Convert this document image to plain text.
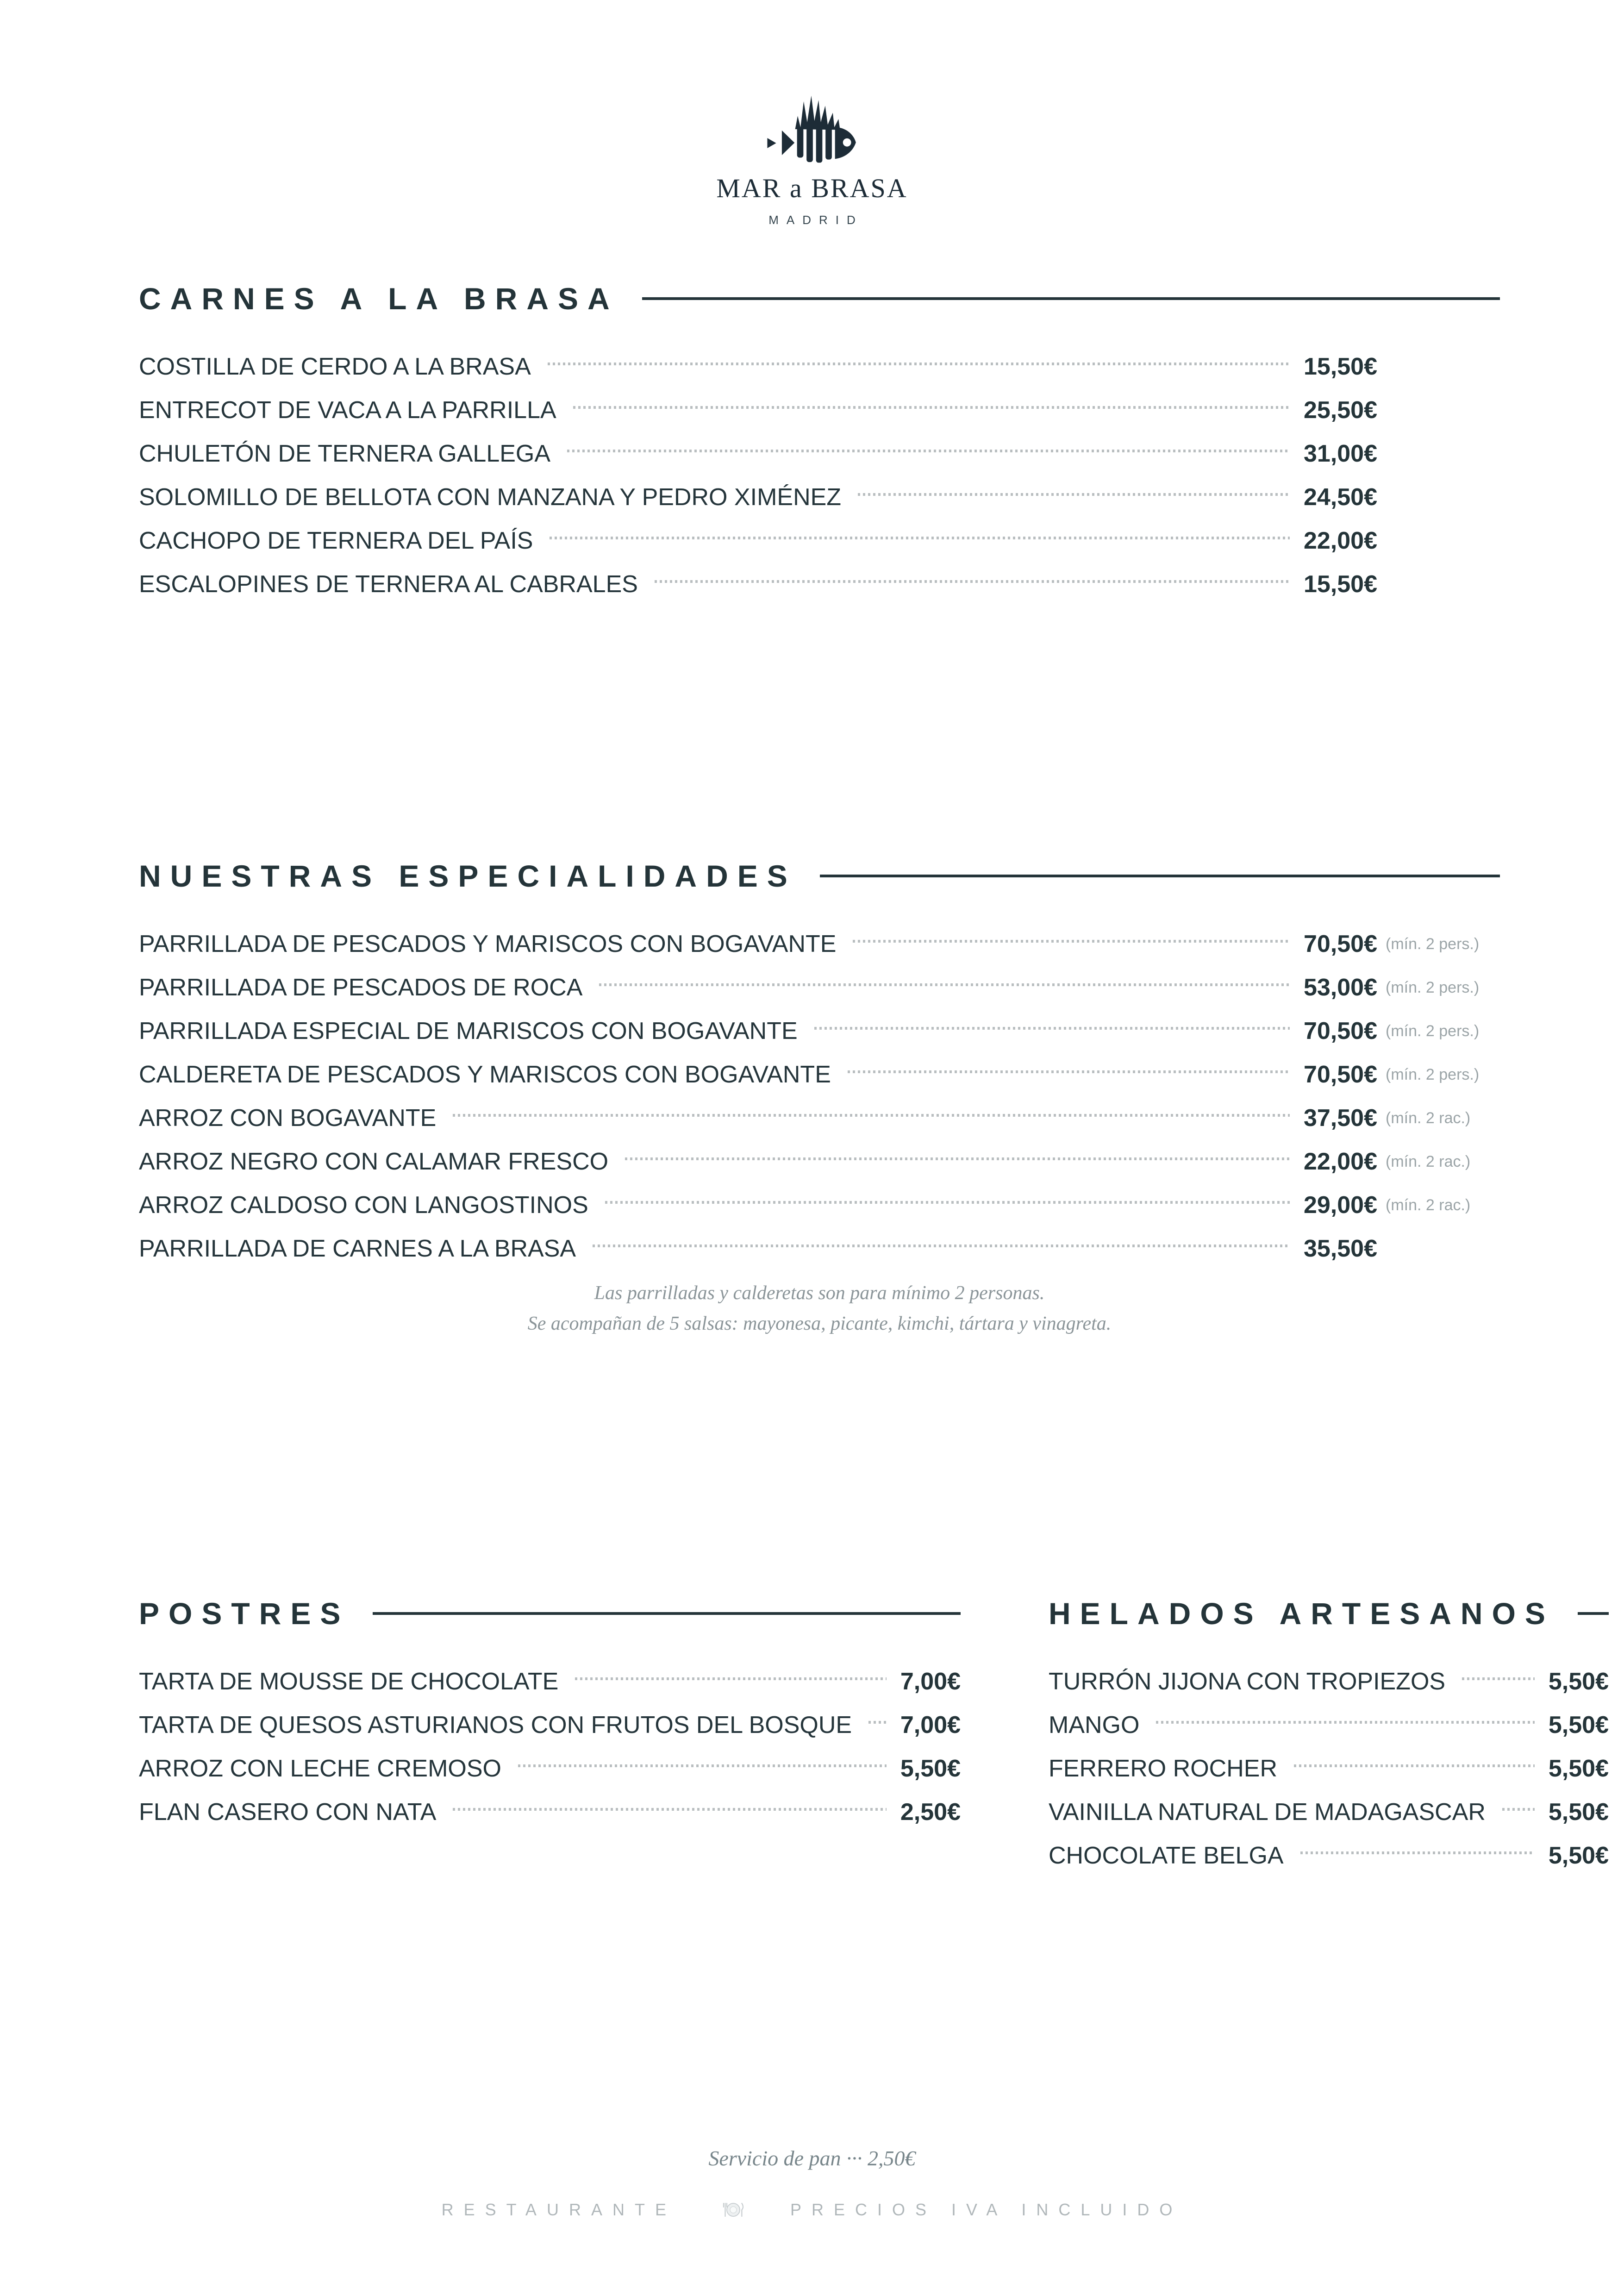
MAR a BRASA
MADRID
CARNES A LA BRASA
COSTILLA DE CERDO A LA BRASA	15,50€
ENTRECOT DE VACA A LA PARRILLA	25,50€
CHULETÓN DE TERNERA GALLEGA	31,00€
SOLOMILLO DE BELLOTA CON MANZANA Y PEDRO XIMÉNEZ	24,50€
CACHOPO DE TERNERA DEL PAÍS	22,00€
ESCALOPINES DE TERNERA AL CABRALES	15,50€
NUESTRAS ESPECIALIDADES
PARRILLADA DE PESCADOS Y MARISCOS CON BOGAVANTE	70,50€ (mín. 2 pers.)
PARRILLADA DE PESCADOS DE ROCA	53,00€ (mín. 2 pers.)
PARRILLADA ESPECIAL DE MARISCOS CON BOGAVANTE	70,50€ (mín. 2 pers.)
CALDERETA DE PESCADOS Y MARISCOS CON BOGAVANTE	70,50€ (mín. 2 pers.)
ARROZ CON BOGAVANTE	37,50€ (mín. 2 rac.)
ARROZ NEGRO CON CALAMAR FRESCO	22,00€ (mín. 2 rac.)
ARROZ CALDOSO CON LANGOSTINOS	29,00€ (mín. 2 rac.)
PARRILLADA DE CARNES A LA BRASA	35,50€

Las parrilladas y calderetas son para mínimo 2 personas.

Se acompañan de 5 salsas: mayonesa, picante, kimchi, tártara y vinagreta.

POSTRES
TARTA DE MOUSSE DE CHOCOLATE	7,00€
TARTA DE QUESOS ASTURIANOS CON FRUTOS DEL BOSQUE 7,00€
ARROZ CON LECHE CREMOSO	5,50€
FLAN CASERO CON NATA	2,50€
HELADOS ARTESANOS
TURRÓN JIJONA CON TROPIEZOS	5,50€
MANGO	5,50€
FERRERO ROCHER	5,50€
VAINILLA NATURAL DE MADAGASCAR	5,50€
CHOCOLATE BELGA	5,50€
Servicio de pan ··· 2,50€
RESTAURANTE	PRECIOS IVA INCLUIDO
